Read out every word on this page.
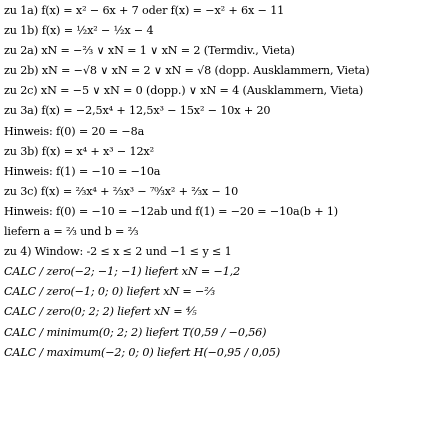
zu 1a) f(x) = x² − 6x + 7 oder f(x) = −x² + 6x − 11
zu 1b) f(x) = ½x² − ½x − 4
zu 2a) xN = −⅔ ∨ xN = 1 ∨ xN = 2 (Termdiv., Vieta)
zu 2b) xN = −√8 ∨ xN = 2 ∨ xN = √8 (dopp. Ausklammern, Vieta)
zu 2c) xN = −5 ∨ xN = 0 (dopp.) ∨ xN = 4 (Ausklammern, Vieta)
zu 3a) f(x) = −2,5x⁴ + 12,5x³ − 15x² − 10x + 20
Hinweis: f(0) = 20 = −8a
zu 3b) f(x) = x⁴ + x³ − 12x²
Hinweis: f(1) = −10 = −10a
zu 3c) f(x) = ⅔x⁴ + ⅔x³ − ⁷⁰⁄₃x² + ⅔x − 10
Hinweis: f(0) = −10 = −12ab und f(1) = −20 = −10a(b + 1)
liefern a = ⅔ und b = ⅔
zu 4) Window: -2 ≤ x ≤ 2 und −1 ≤ y ≤ 1
CALC / zero(−2; −1; −1) liefert xN = −1,2
CALC / zero(−1; 0; 0) liefert xN = −⅔
CALC / zero(0; 2; 2) liefert xN = ⅘
CALC / minimum(0; 2; 2) liefert T(0,59 / −0,56)
CALC / maximum(−2; 0; 0) liefert H(−0,95 / 0,05)
